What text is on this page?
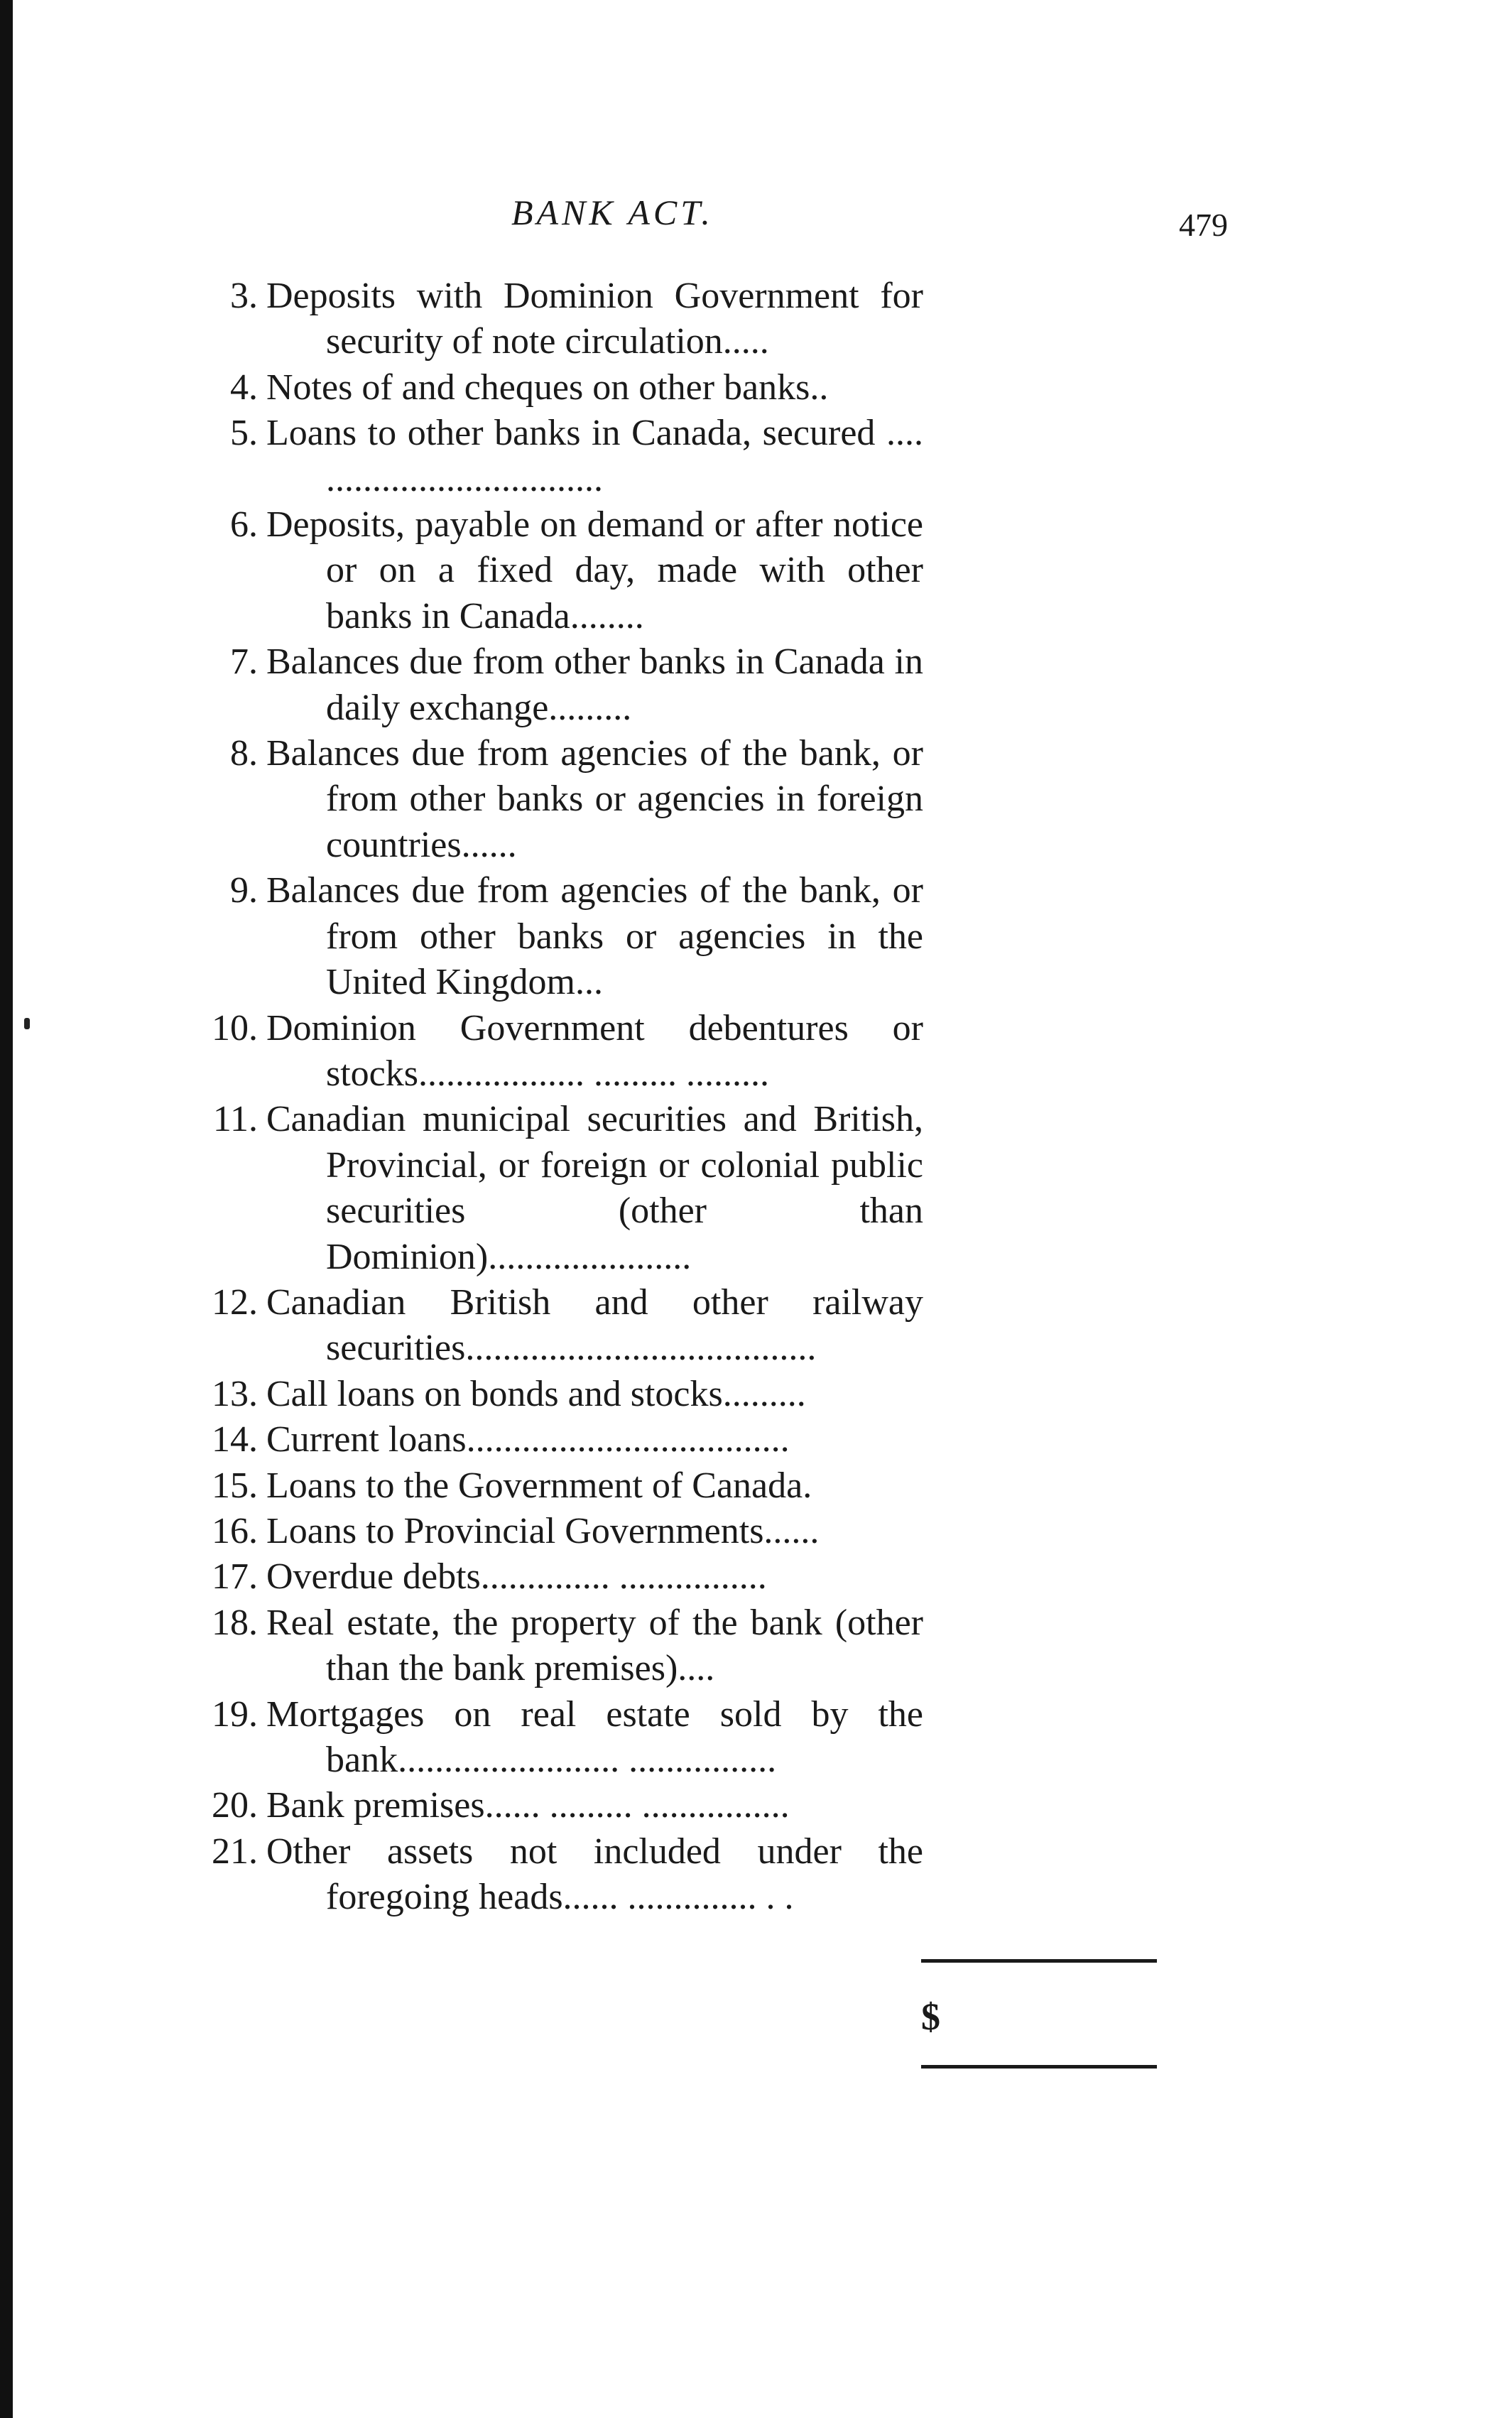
BANK ACT.	479
3. Deposits with Dominion Government for security of note circulation.....
4. Notes of and cheques on other banks..
5. Loans to other banks in Canada, secured .... ..............................
6. Deposits, payable on demand or after notice or on a fixed day, made with other banks in Canada........
7. Balances due from other banks in Canada in daily exchange.........
8. Balances due from agencies of the bank, or from other banks or agencies in foreign countries......
9. Balances due from agencies of the bank, or from other banks or agencies in the United Kingdom...
10. Dominion Government debentures or stocks.................. ......... .........
11. Canadian municipal securities and British, Provincial, or foreign or colonial public securities (other than Dominion)......................
12. Canadian British and other railway securities......................................
13. Call loans on bonds and stocks.........
14. Current loans...................................
15. Loans to the Government of Canada.
16. Loans to Provincial Governments......
17. Overdue debts.............. ................
18. Real estate, the property of the bank (other than the bank premises)....
19. Mortgages on real estate sold by the bank........................ ................
20. Bank premises...... ......... ................
21. Other assets not included under the foregoing heads...... .............. . .
$
